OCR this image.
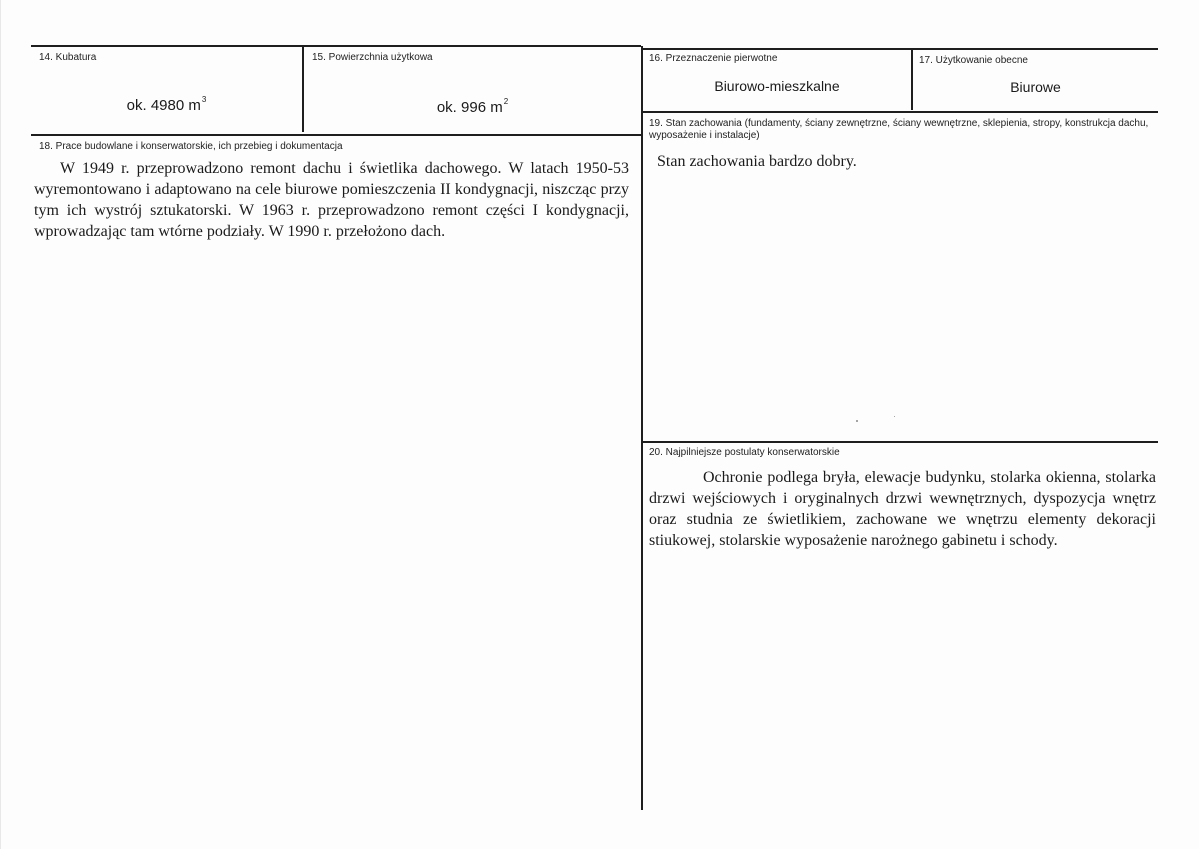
14. Kubatura
ok. 4980 $m^3$
15. Powierzchnia użytkowa
ok. 996 $m^2$
18. Prace budowlane i konserwatorskie, ich przebieg i dokumentacja
W 1949 r. przeprowadzono remont dachu i świetlika dachowego. W latach 1950-53 wyremontowano i adaptowano na cele biurowe pomieszczenia II kondygnacji, niszcząc przy tym ich wystrój sztukatorski. W 1963 r. przeprowadzono remont części I kondygnacji, wprowadzając tam wtórne podziały. W 1990 r. przełożono dach.
16. Przeznaczenie pierwotne
Biurowo-mieszkalne
17. Użytkowanie obecne
Biurowe
19. Stan zachowania (fundamenty, ściany zewnętrzne, ściany wewnętrzne, sklepienia, stropy, konstrukcja dachu, wyposażenie i instalacje)
Stan zachowania bardzo dobry.
20. Najpilniejsze postulaty konserwatorskie
Ochronie podlega bryła, elewacje budynku, stolarka okienna, stolarka drzwi wejściowych i oryginalnych drzwi wewnętrznych, dyspozycja wnętrz oraz studnia ze świetlikiem, zachowane we wnętrzu elementy dekoracji stiukowej, stolarskie wyposażenie narożnego gabinetu i schody.
